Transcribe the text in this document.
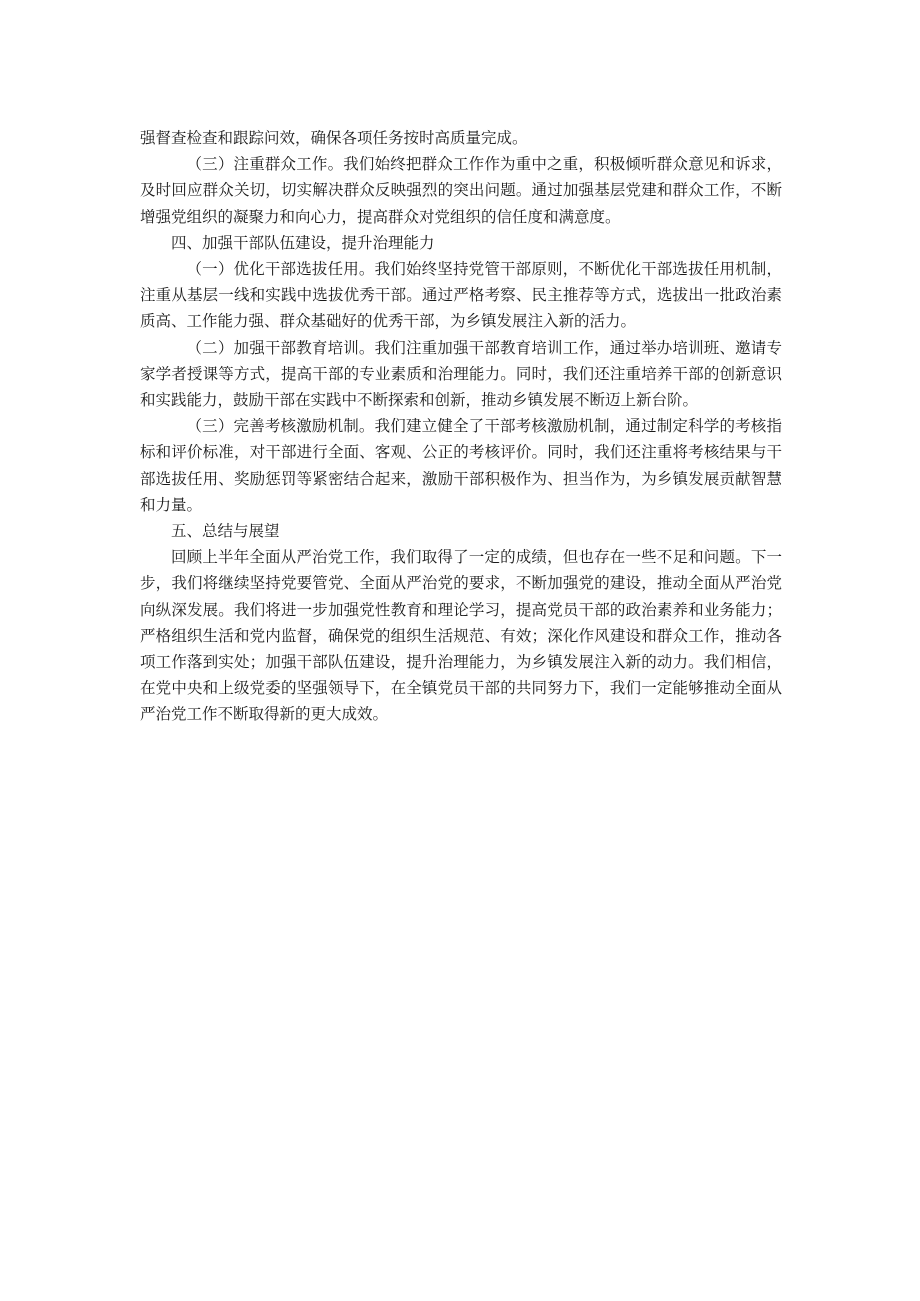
强督查检查和跟踪问效，确保各项任务按时高质量完成。

（三）注重群众工作。我们始终把群众工作作为重中之重，积极倾听群众意见和诉求，及时回应群众关切，切实解决群众反映强烈的突出问题。通过加强基层党建和群众工作，不断增强党组织的凝聚力和向心力，提高群众对党组织的信任度和满意度。

四、加强干部队伍建设，提升治理能力

（一）优化干部选拔任用。我们始终坚持党管干部原则，不断优化干部选拔任用机制，注重从基层一线和实践中选拔优秀干部。通过严格考察、民主推荐等方式，选拔出一批政治素质高、工作能力强、群众基础好的优秀干部，为乡镇发展注入新的活力。

（二）加强干部教育培训。我们注重加强干部教育培训工作，通过举办培训班、邀请专家学者授课等方式，提高干部的专业素质和治理能力。同时，我们还注重培养干部的创新意识和实践能力，鼓励干部在实践中不断探索和创新，推动乡镇发展不断迈上新台阶。

（三）完善考核激励机制。我们建立健全了干部考核激励机制，通过制定科学的考核指标和评价标准，对干部进行全面、客观、公正的考核评价。同时，我们还注重将考核结果与干部选拔任用、奖励惩罚等紧密结合起来，激励干部积极作为、担当作为，为乡镇发展贡献智慧和力量。

五、总结与展望

回顾上半年全面从严治党工作，我们取得了一定的成绩，但也存在一些不足和问题。下一步，我们将继续坚持党要管党、全面从严治党的要求，不断加强党的建设，推动全面从严治党向纵深发展。我们将进一步加强党性教育和理论学习，提高党员干部的政治素养和业务能力；严格组织生活和党内监督，确保党的组织生活规范、有效；深化作风建设和群众工作，推动各项工作落到实处；加强干部队伍建设，提升治理能力，为乡镇发展注入新的动力。我们相信，在党中央和上级党委的坚强领导下，在全镇党员干部的共同努力下，我们一定能够推动全面从严治党工作不断取得新的更大成效。
